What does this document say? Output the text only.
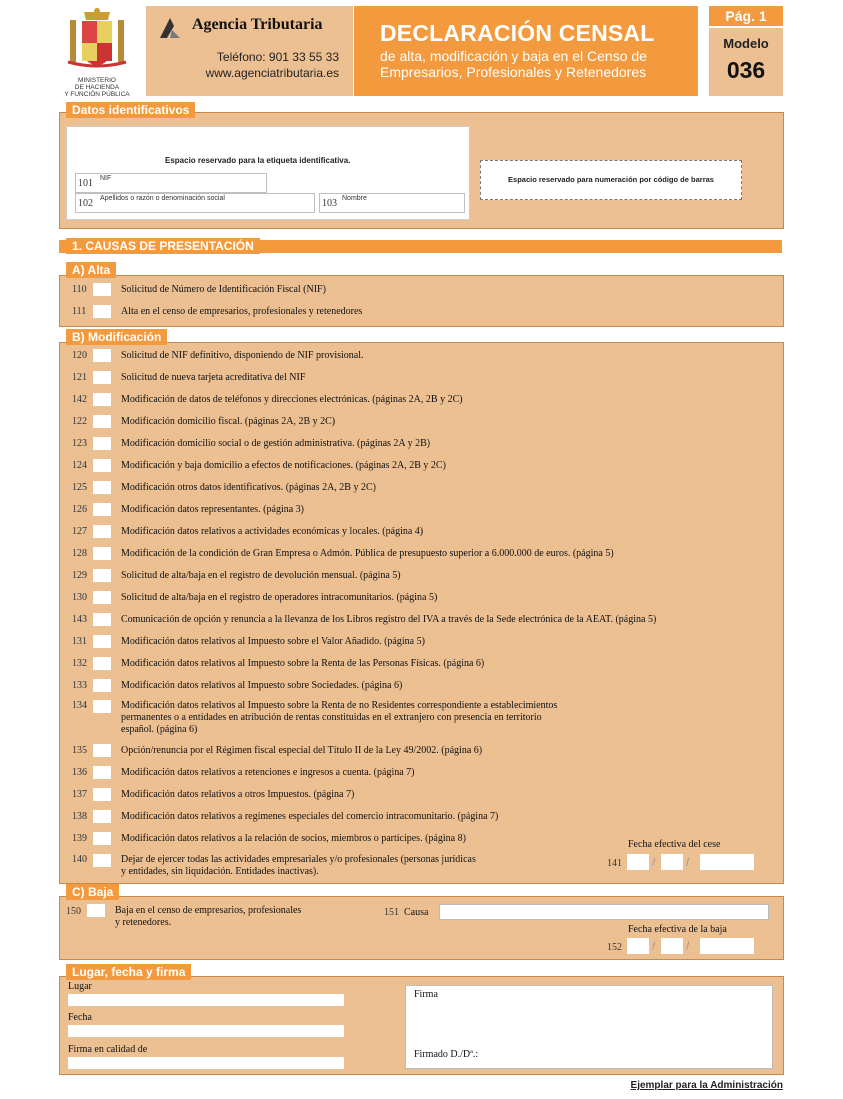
MINISTERIO
DE HACIENDA
Y FUNCIÓN PÚBLICA
Agencia Tributaria
Teléfono: 901 33 55 33
www.agenciatributaria.es
DECLARACIÓN CENSAL
de alta, modificación y baja en el Censo de
Empresarios, Profesionales y Retenedores
Pág. 1
Modelo
036
Datos identificativos
Espacio reservado para la etiqueta identificativa.
101 NIF
102 Apellidos o razón o denominación social	103 Nombre
Espacio reservado para numeración por código de barras
1. CAUSAS DE PRESENTACIÓN
A) Alta
110	Solicitud de Número de Identificación Fiscal (NIF)
111	Alta en el censo de empresarios, profesionales y retenedores
B) Modificación
120	Solicitud de NIF definitivo, disponiendo de NIF provisional.
121	Solicitud de nueva tarjeta acreditativa del NIF
142	Modificación de datos de teléfonos y direcciones electrónicas. (páginas 2A, 2B y 2C)
122	Modificación domicilio fiscal. (páginas 2A, 2B y 2C)
123	Modificación domicilio social o de gestión administrativa. (páginas 2A y 2B)
124	Modificación y baja domicilio a efectos de notificaciones. (páginas 2A, 2B y 2C)
125	Modificación otros datos identificativos. (páginas 2A, 2B y 2C)
126	Modificación datos representantes. (página 3)
127	Modificación datos relativos a actividades económicas y locales. (página 4)
128	Modificación de la condición de Gran Empresa o Admón. Pública de presupuesto superior a 6.000.000 de euros. (página 5)
129	Solicitud de alta/baja en el registro de devolución mensual. (página 5)
130	Solicitud de alta/baja en el registro de operadores intracomunitarios. (página 5)
143	Comunicación de opción y renuncia a la llevanza de los Libros registro del IVA a través de la Sede electrónica de la AEAT. (página 5)
131	Modificación datos relativos al Impuesto sobre el Valor Añadido. (página 5)
132	Modificación datos relativos al Impuesto sobre la Renta de las Personas Físicas. (página 6)
133	Modificación datos relativos al Impuesto sobre Sociedades. (página 6)
134	Modificación datos relativos al Impuesto sobre la Renta de no Residentes correspondiente a establecimientos
permanentes o a entidades en atribución de rentas constituidas en el extranjero con presencia en territorio
español. (página 6)
135	Opción/renuncia por el Régimen fiscal especial del Título II de la Ley 49/2002. (página 6)
136	Modificación datos relativos a retenciones e ingresos a cuenta. (página 7)
137	Modificación datos relativos a otros Impuestos. (página 7)
138	Modificación datos relativos a regímenes especiales del comercio intracomunitario. (página 7)
139	Modificación datos relativos a la relación de socios, miembros o partícipes. (página 8)
140	Dejar de ejercer todas las actividades empresariales y/o profesionales (personas jurídicas
y entidades, sin liquidación. Entidades inactivas).
Fecha efectiva del cese
141	/	/
C) Baja
150	Baja en el censo de empresarios, profesionales
y retenedores.
151 Causa
Fecha efectiva de la baja
152	/	/
Lugar, fecha y firma
Lugar
Fecha
Firma en calidad de
Firma
Firmado D./Dª.:
Ejemplar para la Administración
